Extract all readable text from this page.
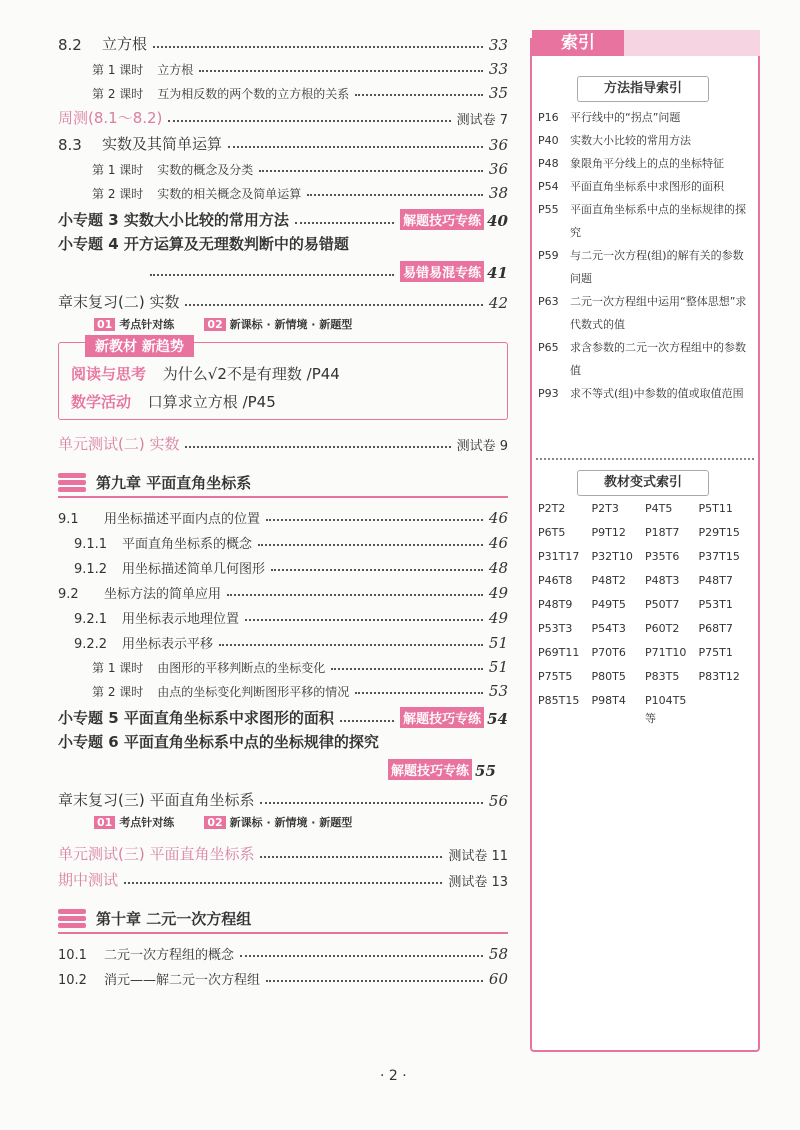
8.2	立方根	33
第 1 课时 立方根	33
第 2 课时 互为相反数的两个数的立方根的关系	35
周测(8.1～8.2)	测试卷 7
8.3	实数及其简单运算	36
第 1 课时 实数的概念及分类	36
第 2 课时 实数的相关概念及简单运算	38
小专题 3 实数大小比较的常用方法	解题技巧专练 40
小专题 4 开方运算及无理数判断中的易错题
易错易混专练 41
章末复习(二) 实数	42
01 考点针对练	02 新课标 · 新情境 · 新题型
新教材 新趋势
阅读与思考 为什么√2不是有理数 /P44
数学活动 口算求立方根 /P45
单元测试(二) 实数	测试卷 9
第九章 平面直角坐标系
9.1	用坐标描述平面内点的位置	46
9.1.1	平面直角坐标系的概念	46
9.1.2	用坐标描述简单几何图形	48
9.2	坐标方法的简单应用	49
9.2.1	用坐标表示地理位置	49
9.2.2	用坐标表示平移	51
第 1 课时 由图形的平移判断点的坐标变化	51
第 2 课时 由点的坐标变化判断图形平移的情况	53
小专题 5 平面直角坐标系中求图形的面积	解题技巧专练 54
小专题 6 平面直角坐标系中点的坐标规律的探究
解题技巧专练 55
章末复习(三) 平面直角坐标系	56
01 考点针对练	02 新课标 · 新情境 · 新题型
单元测试(三) 平面直角坐标系	测试卷 11
期中测试	测试卷 13
第十章 二元一次方程组
10.1	二元一次方程组的概念	58
10.2	消元——解二元一次方程组	60
索引
方法指导索引
P16	平行线中的“拐点”问题
P40	实数大小比较的常用方法
P48	象限角平分线上的点的坐标特征
P54	平面直角坐标系中求图形的面积
P55	平面直角坐标系中点的坐标规律的探究
P59	与二元一次方程(组)的解有关的参数问题
P63	二元一次方程组中运用“整体思想”求代数式的值
P65	求含参数的二元一次方程组中的参数值
P93	求不等式(组)中参数的值或取值范围
教材变式索引
P2T2	P2T3	P4T5	P5T11
P6T5	P9T12	P18T7	P29T15
P31T17	P32T10	P35T6	P37T15
P46T8	P48T2	P48T3	P48T7
P48T9	P49T5	P50T7	P53T1
P53T3	P54T3	P60T2	P68T7
P69T11	P70T6	P71T10	P75T1
P75T5	P80T5	P83T5	P83T12
P85T15	P98T4	P104T5 等
· 2 ·
